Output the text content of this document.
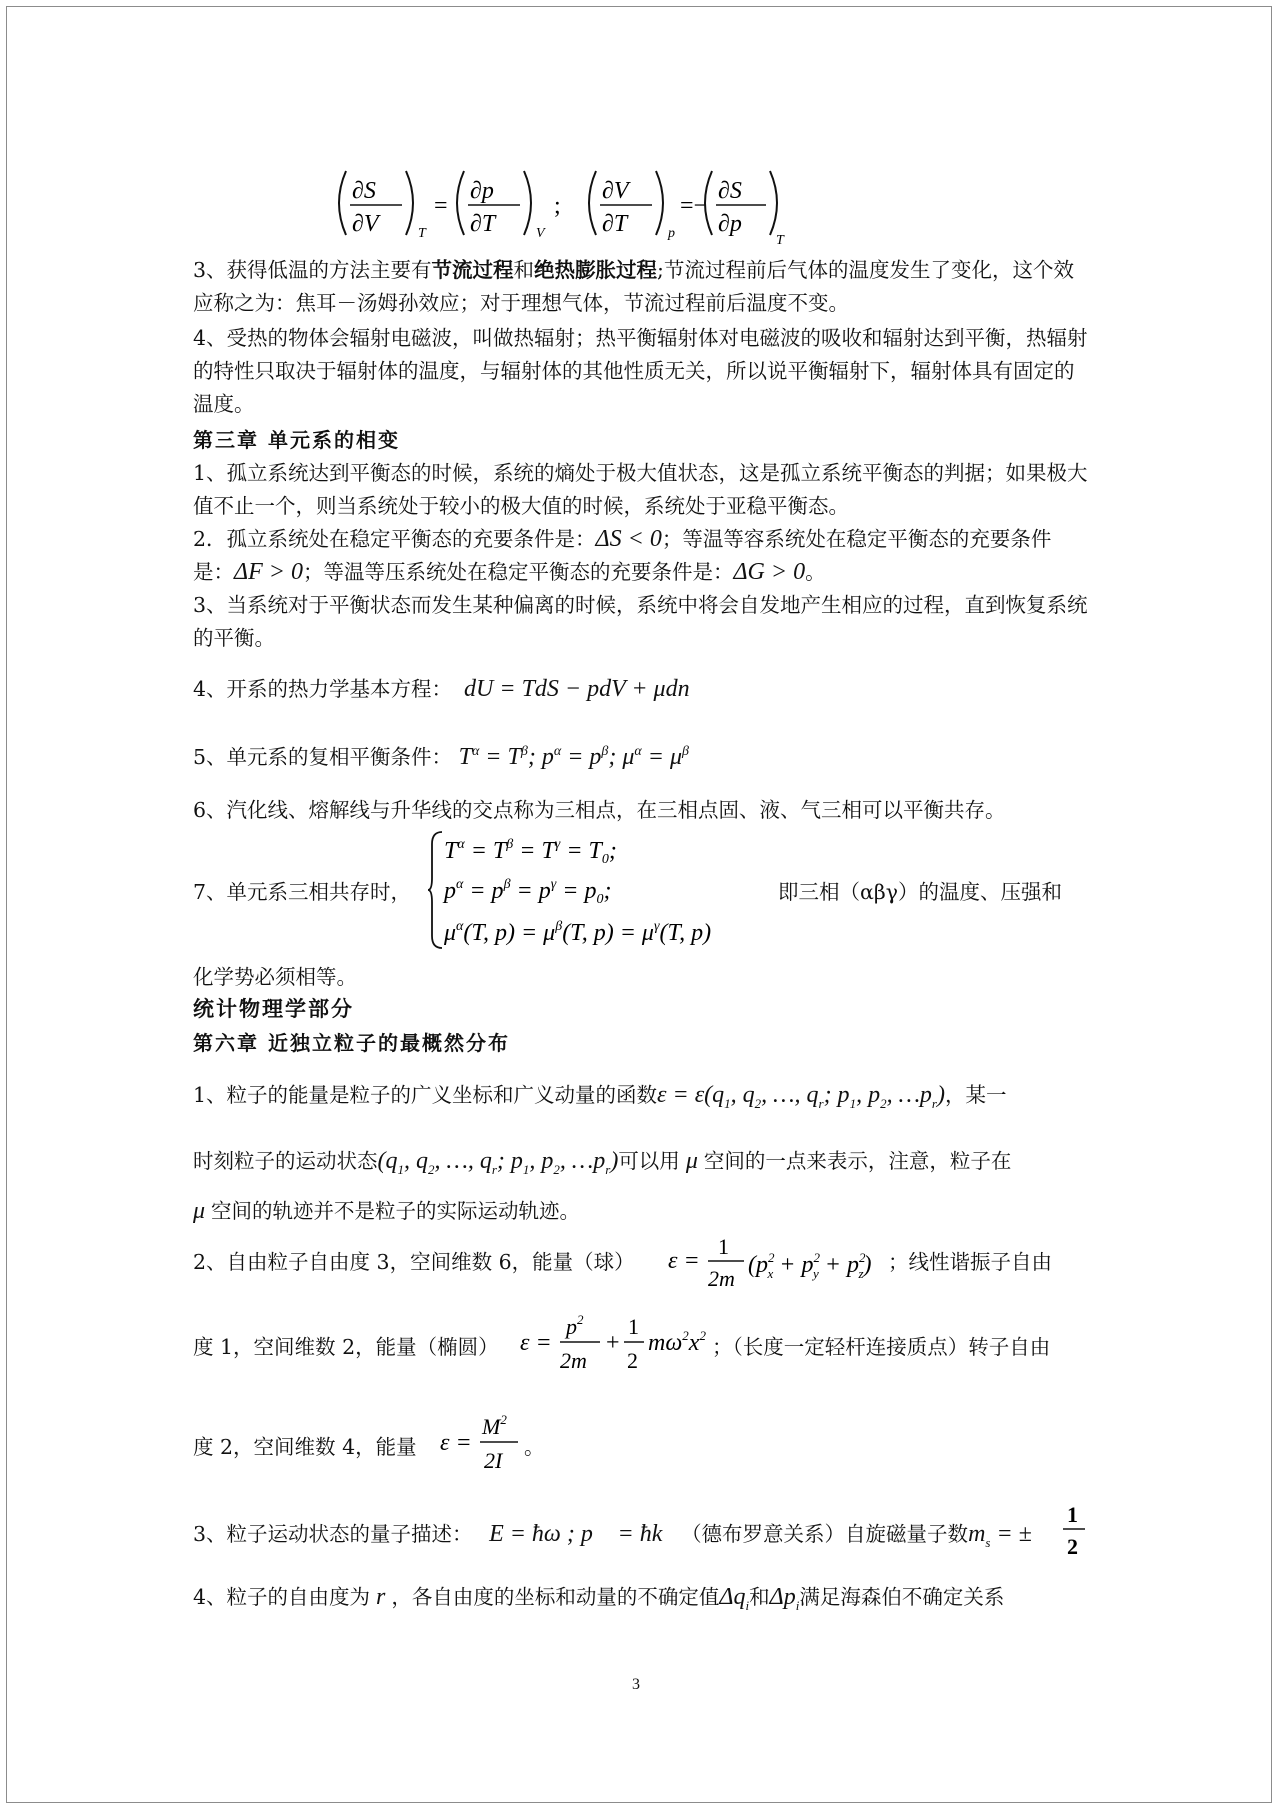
∂S
∂V	T
=
∂p
∂T	V
;
∂V
∂T	p
=−
∂S
∂p
T

3、获得低温的方法主要有节流过程和绝热膨胀过程;节流过程前后气体的温度发生了变化，这个效应称之为：焦耳－汤姆孙效应；对于理想气体，节流过程前后温度不变。

4、受热的物体会辐射电磁波，叫做热辐射；热平衡辐射体对电磁波的吸收和辐射达到平衡，热辐射的特性只取决于辐射体的温度，与辐射体的其他性质无关，所以说平衡辐射下，辐射体具有固定的温度。
第三章 单元系的相变
1、孤立系统达到平衡态的时候，系统的熵处于极大值状态，这是孤立系统平衡态的判据；如果极大值不止一个，则当系统处于较小的极大值的时候，系统处于亚稳平衡态。
2．孤立系统处在稳定平衡态的充要条件是：ΔS < 0；等温等容系统处在稳定平衡态的充要条件是：ΔF > 0；等温等压系统处在稳定平衡态的充要条件是：ΔG > 0。
3、当系统对于平衡状态而发生某种偏离的时候，系统中将会自发地产生相应的过程，直到恢复系统的平衡。
4、开系的热力学基本方程： dU = TdS − pdV + μdn
5、单元系的复相平衡条件： $T^\alpha = T^\beta$; $p^\alpha = p^\beta$; $\mu^\alpha = \mu^\beta$
6、汽化线、熔解线与升华线的交点称为三相点，在三相点固、液、气三相可以平衡共存。
7、单元系三相共存时，
$T^\alpha = T^\beta = T^\gamma = T_0$;
$p^\alpha = p^\beta = p^\gamma = p_0$;
$\mu^\alpha(T$, $p) = \mu^\beta(T$, $p) = \mu^\gamma(T$, p)
即三相（αβγ）的温度、压强和
化学势必须相等。
统计物理学部分
第六章 近独立粒子的最概然分布
1、粒子的能量是粒子的广义坐标和广义动量的函数$\varepsilon = \varepsilon(q_1$, $q_2$, …, $q_r$; $p_1$, $p_2$, $\dots p_r$)，某一
时刻粒子的运动状态($q_1$, $q_2$, …, $q_r$; $p_1$, $p_2$, $\dots p_r$)可以用 μ 空间的一点来表示，注意，粒子在
μ 空间的轨迹并不是粒子的实际运动轨迹。
2、自由粒子自由度 3，空间维数 6，能量（球） ε =
1
2m
($p^2$ $x + p^2$ $y + p^2$ z) ；线性谐振子自由
度 1，空间维数 2，能量（椭圆） ε =
$p^2$
2m
+
1
2
$m\omega^2x^2$ ；（长度一定轻杆连接质点）转子自由
度 2，空间维数 4，能量 ε =
$M^2$
2I
。
3、粒子运动状态的量子描述： E = ħω ; p⃗ = ħk⃗（德布罗意关系）自旋磁量子数$m_s$ = ±
1
2
4、粒子的自由度为 r ，各自由度的坐标和动量的不确定值$\Delta q_i$和$\Delta p_i$满足海森伯不确定关系
3
